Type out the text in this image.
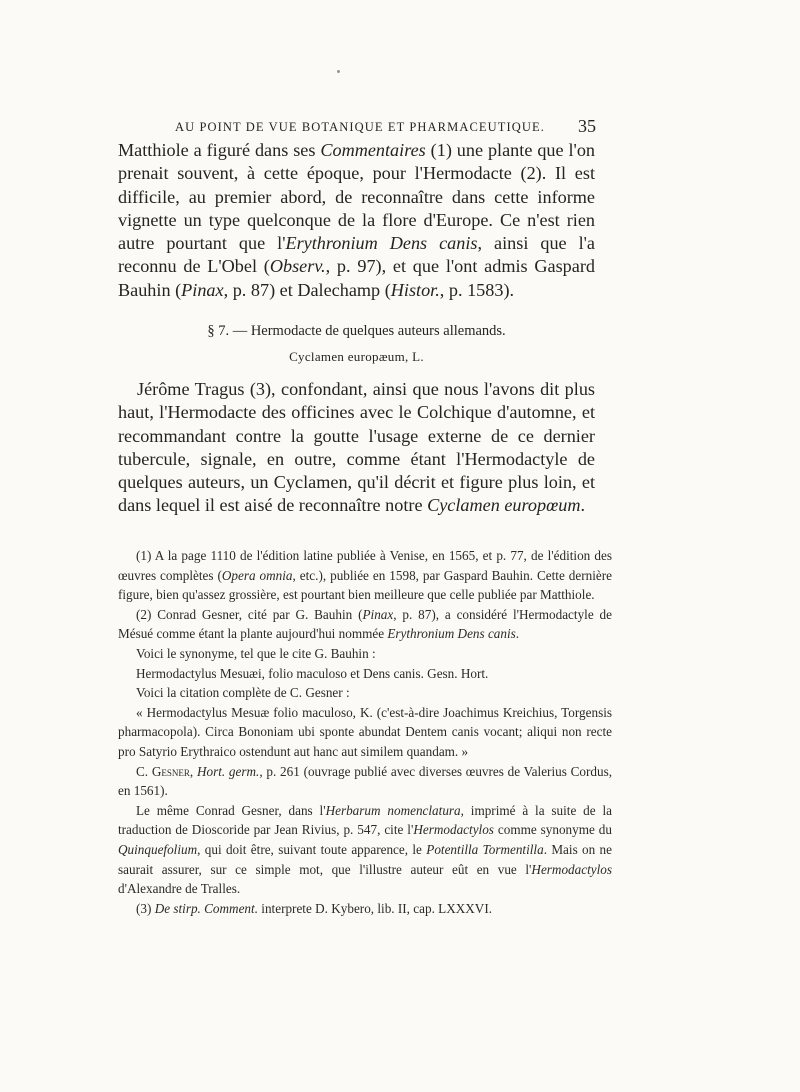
AU POINT DE VUE BOTANIQUE ET PHARMACEUTIQUE. 35

Matthiole a figuré dans ses Commentaires (1) une plante que l'on prenait souvent, à cette époque, pour l'Hermodacte (2). Il est difficile, au premier abord, de reconnaître dans cette informe vignette un type quelconque de la flore d'Europe. Ce n'est rien autre pourtant que l'Erythronium Dens canis, ainsi que l'a reconnu de L'Obel (Observ., p. 97), et que l'ont admis Gaspard Bauhin (Pinax, p. 87) et Dalechamp (Histor., p. 1583).

§ 7. — Hermodacte de quelques auteurs allemands.
Cyclamen europæum, L.

Jérôme Tragus (3), confondant, ainsi que nous l'avons dit plus haut, l'Hermodacte des officines avec le Colchique d'automne, et recommandant contre la goutte l'usage externe de ce dernier tubercule, signale, en outre, comme étant l'Hermodactyle de quelques auteurs, un Cyclamen, qu'il décrit et figure plus loin, et dans lequel il est aisé de reconnaître notre Cyclamen europœum.

(1) A la page 1110 de l'édition latine publiée à Venise, en 1565, et p. 77, de l'édition des œuvres complètes (Opera omnia, etc.), publiée en 1598, par Gaspard Bauhin. Cette dernière figure, bien qu'assez grossière, est pourtant bien meilleure que celle publiée par Matthiole.

(2) Conrad Gesner, cité par G. Bauhin (Pinax, p. 87), a considéré l'Hermodactyle de Mésué comme étant la plante aujourd'hui nommée Erythronium Dens canis.

Voici le synonyme, tel que le cite G. Bauhin :

Hermodactylus Mesuæi, folio maculoso et Dens canis. Gesn. Hort.

Voici la citation complète de C. Gesner :

« Hermodactylus Mesuæ folio maculoso, K. (c'est-à-dire Joachimus Kreichius, Torgensis pharmacopola). Circa Bononiam ubi sponte abundat Dentem canis vocant; aliqui non recte pro Satyrio Erythraico ostendunt aut hanc aut similem quandam. »

C. Gesner, Hort. germ., p. 261 (ouvrage publié avec diverses œuvres de Valerius Cordus, en 1561).

Le même Conrad Gesner, dans l'Herbarum nomenclatura, imprimé à la suite de la traduction de Dioscoride par Jean Rivius, p. 547, cite l'Hermodactylos comme synonyme du Quinquefolium, qui doit être, suivant toute apparence, le Potentilla Tormentilla. Mais on ne saurait assurer, sur ce simple mot, que l'illustre auteur eût en vue l'Hermodactylos d'Alexandre de Tralles.

(3) De stirp. Comment. interprete D. Kybero, lib. II, cap. LXXXVI.
